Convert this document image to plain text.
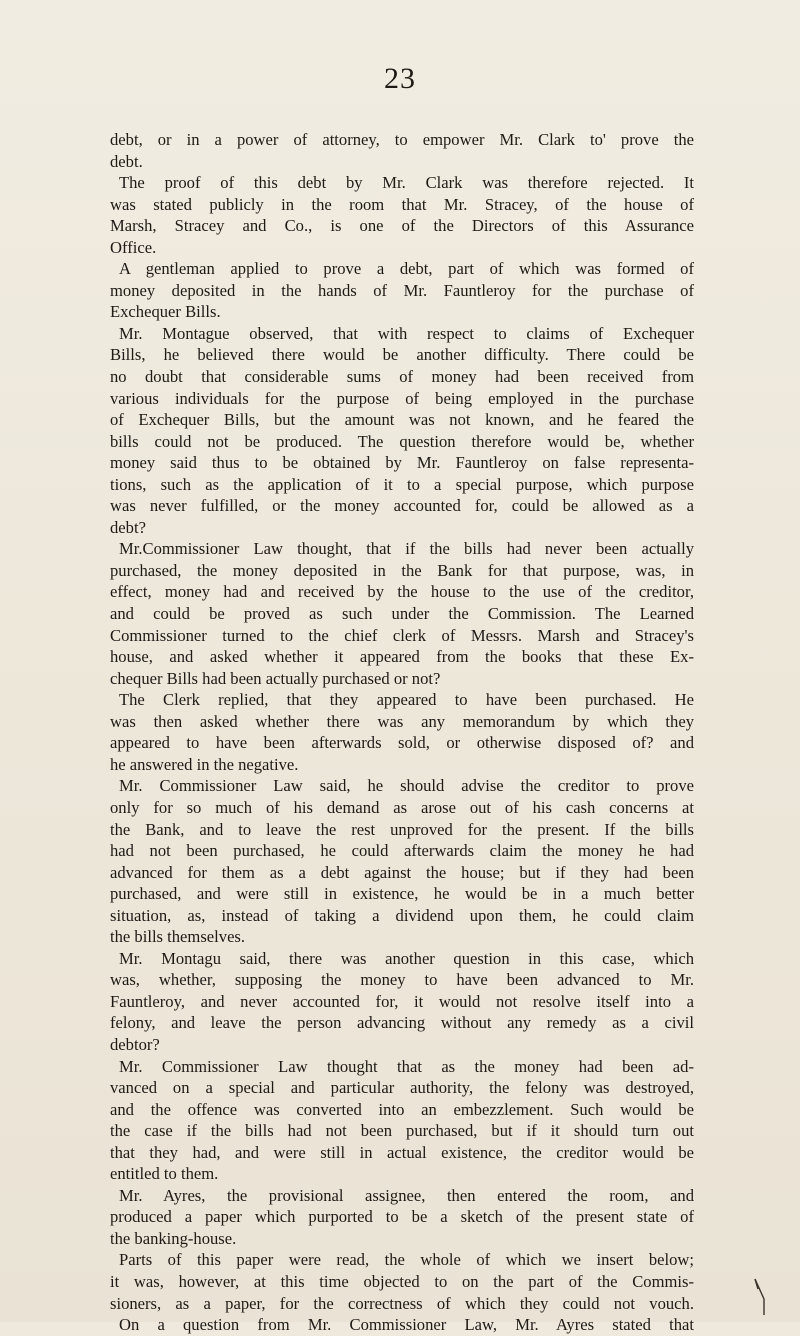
23
debt, or in a power of attorney, to empower Mr. Clark to' prove the
debt.
The proof of this debt by Mr. Clark was therefore rejected. It
was stated publicly in the room that Mr. Stracey, of the house of
Marsh, Stracey and Co., is one of the Directors of this Assurance
Office.
A gentleman applied to prove a debt, part of which was formed of
money deposited in the hands of Mr. Fauntleroy for the purchase of
Exchequer Bills.
Mr. Montague observed, that with respect to claims of Exchequer
Bills, he believed there would be another difficulty. There could be
no doubt that considerable sums of money had been received from
various individuals for the purpose of being employed in the purchase
of Exchequer Bills, but the amount was not known, and he feared the
bills could not be produced. The question therefore would be, whether
money said thus to be obtained by Mr. Fauntleroy on false representa-
tions, such as the application of it to a special purpose, which purpose
was never fulfilled, or the money accounted for, could be allowed as a
debt?
Mr.Commissioner Law thought, that if the bills had never been actually
purchased, the money deposited in the Bank for that purpose, was, in
effect, money had and received by the house to the use of the creditor,
and could be proved as such under the Commission. The Learned
Commissioner turned to the chief clerk of Messrs. Marsh and Stracey's
house, and asked whether it appeared from the books that these Ex-
chequer Bills had been actually purchased or not?
The Clerk replied, that they appeared to have been purchased. He
was then asked whether there was any memorandum by which they
appeared to have been afterwards sold, or otherwise disposed of? and
he answered in the negative.
Mr. Commissioner Law said, he should advise the creditor to prove
only for so much of his demand as arose out of his cash concerns at
the Bank, and to leave the rest unproved for the present. If the bills
had not been purchased, he could afterwards claim the money he had
advanced for them as a debt against the house; but if they had been
purchased, and were still in existence, he would be in a much better
situation, as, instead of taking a dividend upon them, he could claim
the bills themselves.
Mr. Montagu said, there was another question in this case, which
was, whether, supposing the money to have been advanced to Mr.
Fauntleroy, and never accounted for, it would not resolve itself into a
felony, and leave the person advancing without any remedy as a civil
debtor?
Mr. Commissioner Law thought that as the money had been ad-
vanced on a special and particular authority, the felony was destroyed,
and the offence was converted into an embezzlement. Such would be
the case if the bills had not been purchased, but if it should turn out
that they had, and were still in actual existence, the creditor would be
entitled to them.
Mr. Ayres, the provisional assignee, then entered the room, and
produced a paper which purported to be a sketch of the present state of
the banking-house.
Parts of this paper were read, the whole of which we insert below;
it was, however, at this time objected to on the part of the Commis-
sioners, as a paper, for the correctness of which they could not vouch.
On a question from Mr. Commissioner Law, Mr. Ayres stated that
